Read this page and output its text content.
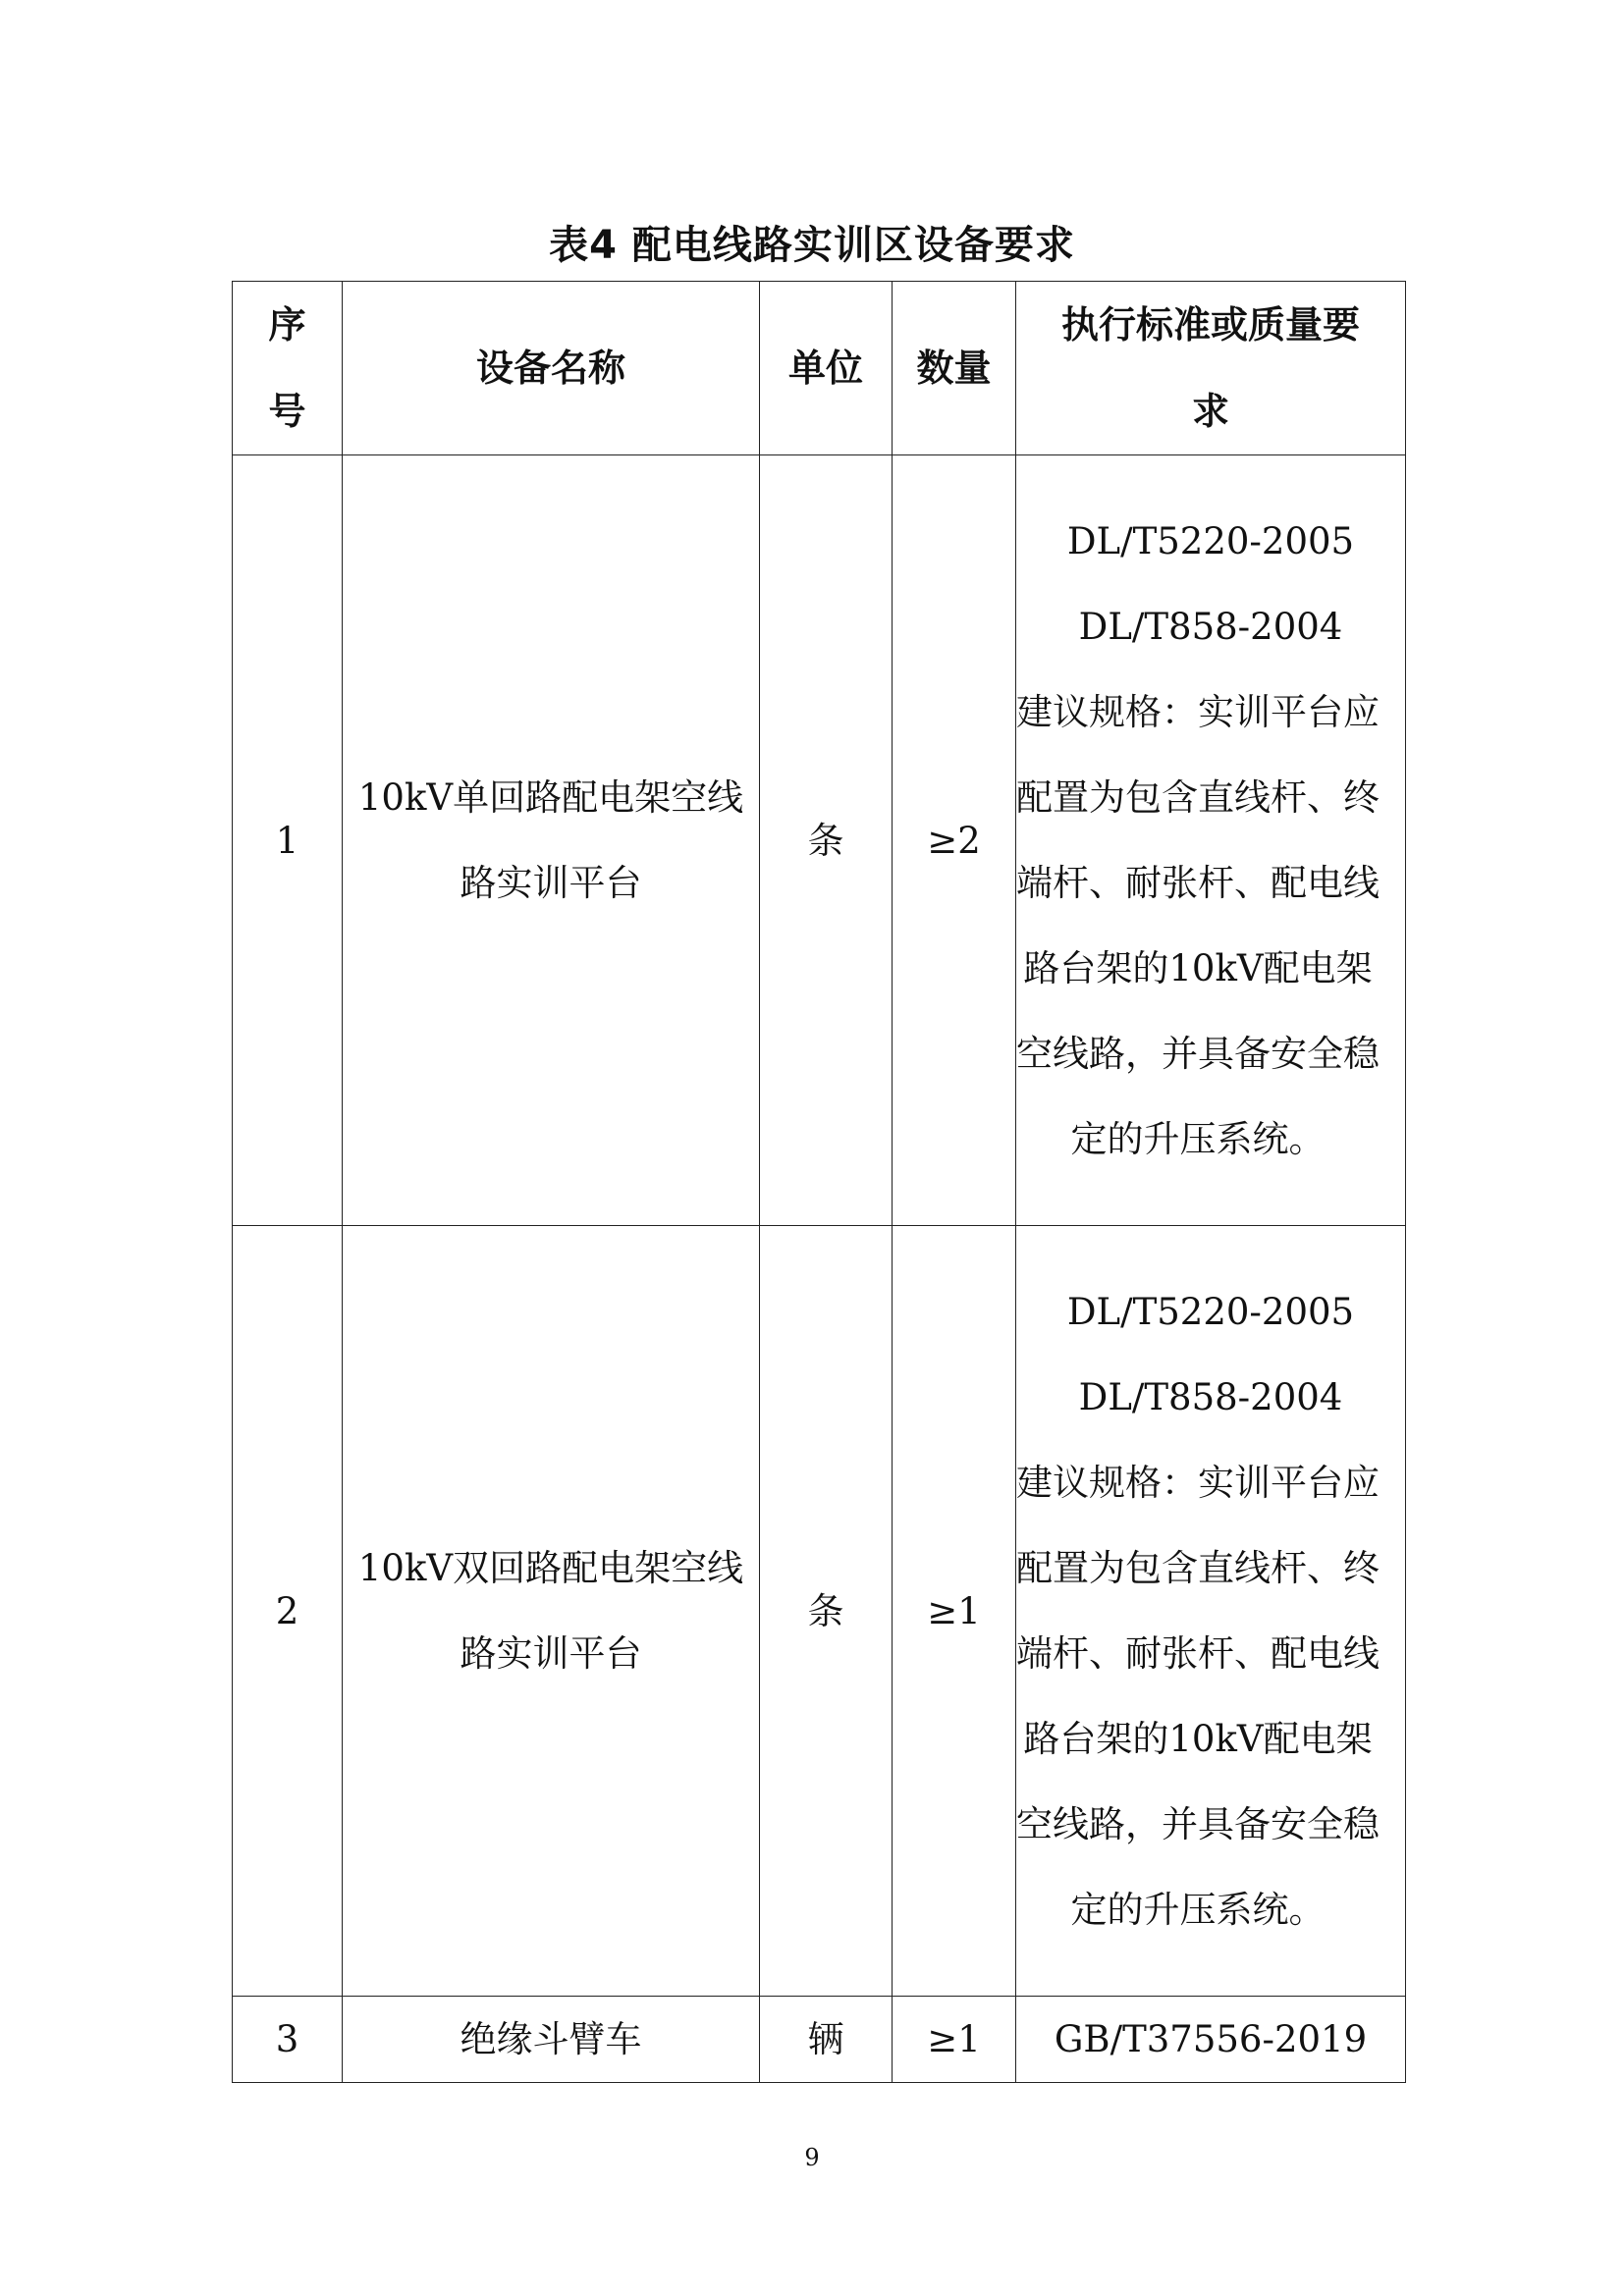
表4 配电线路实训区设备要求
序号	设备名称	单位	数量	执行标准或质量要求
1	10kV单回路配电架空线路实训平台	条	≥2	DL/T5220-2005
DL/T858-2004
建议规格：实训平台应配置为包含直线杆、终端杆、耐张杆、配电线路台架的10kV配电架空线路，并具备安全稳定的升压系统。

2	10kV双回路配电架空线路实训平台	条	≥1	DL/T5220-2005
DL/T858-2004
建议规格：实训平台应配置为包含直线杆、终端杆、耐张杆、配电线路台架的10kV配电架空线路，并具备安全稳定的升压系统。

3	绝缘斗臂车	辆	≥1	GB/T37556-2019
9
